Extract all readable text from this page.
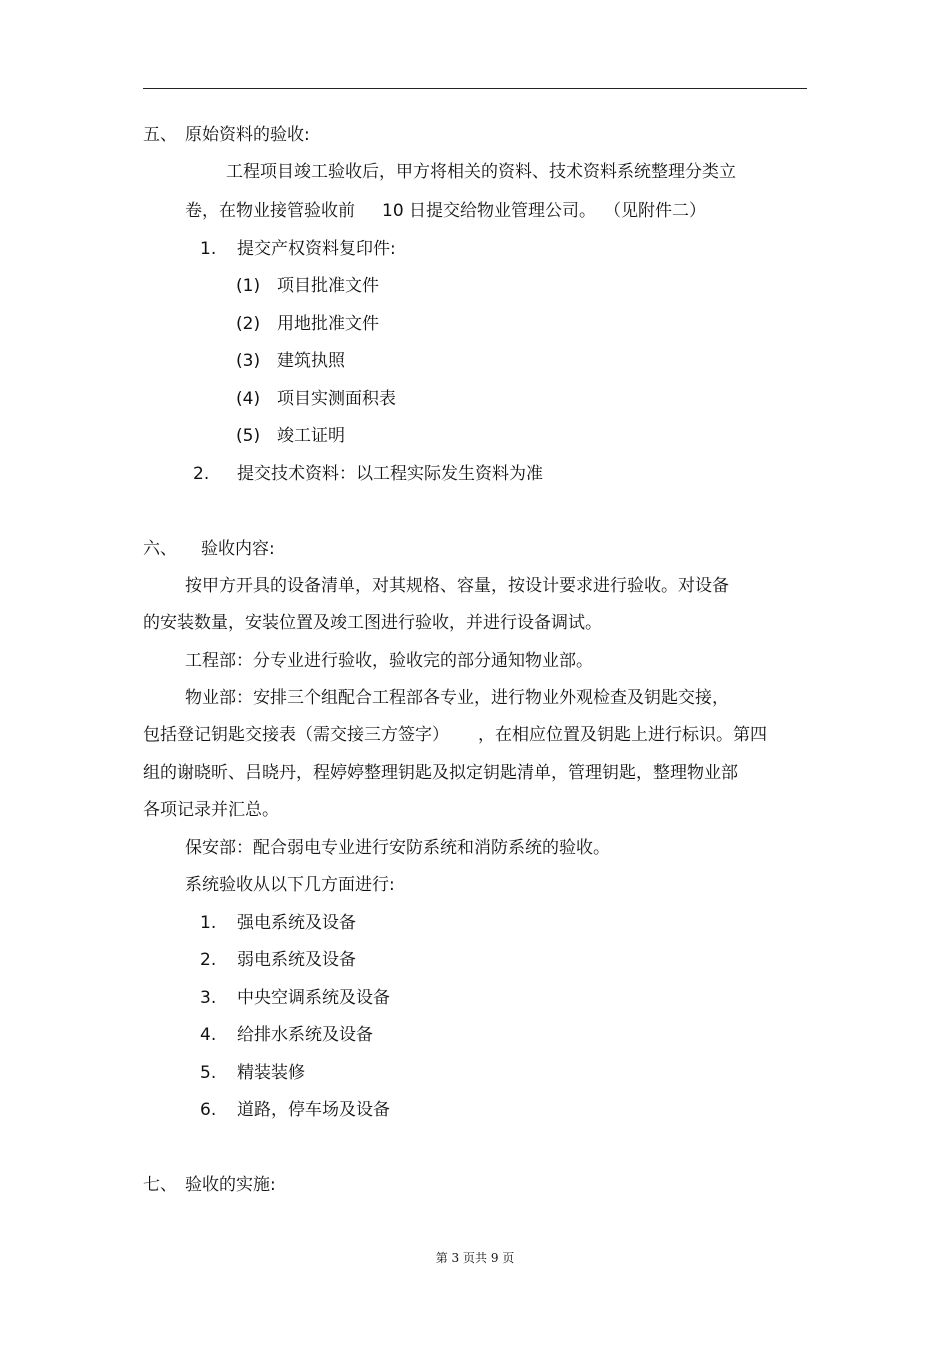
五、 原始资料的验收:
工程项目竣工验收后，甲方将相关的资料、技术资料系统整理分类立
卷，在物业接管验收前 10 日提交给物业管理公司。 （见附件二）
1. 提交产权资料复印件:
(1) 项目批准文件
(2) 用地批准文件
(3) 建筑执照
(4) 项目实测面积表
(5) 竣工证明
2. 提交技术资料：以工程实际发生资料为准
六、 验收内容:
按甲方开具的设备清单，对其规格、容量，按设计要求进行验收。对设备
的安装数量，安装位置及竣工图进行验收，并进行设备调试。
工程部：分专业进行验收，验收完的部分通知物业部。
物业部：安排三个组配合工程部各专业，进行物业外观检查及钥匙交接，
包括登记钥匙交接表（需交接三方签字） ，在相应位置及钥匙上进行标识。第四
组的谢晓昕、吕晓丹，程婷婷整理钥匙及拟定钥匙清单，管理钥匙，整理物业部
各项记录并汇总。
保安部：配合弱电专业进行安防系统和消防系统的验收。
系统验收从以下几方面进行:
1. 强电系统及设备
2. 弱电系统及设备
3. 中央空调系统及设备
4. 给排水系统及设备
5. 精装装修
6. 道路，停车场及设备
七、 验收的实施:
第 3 页共 9 页
